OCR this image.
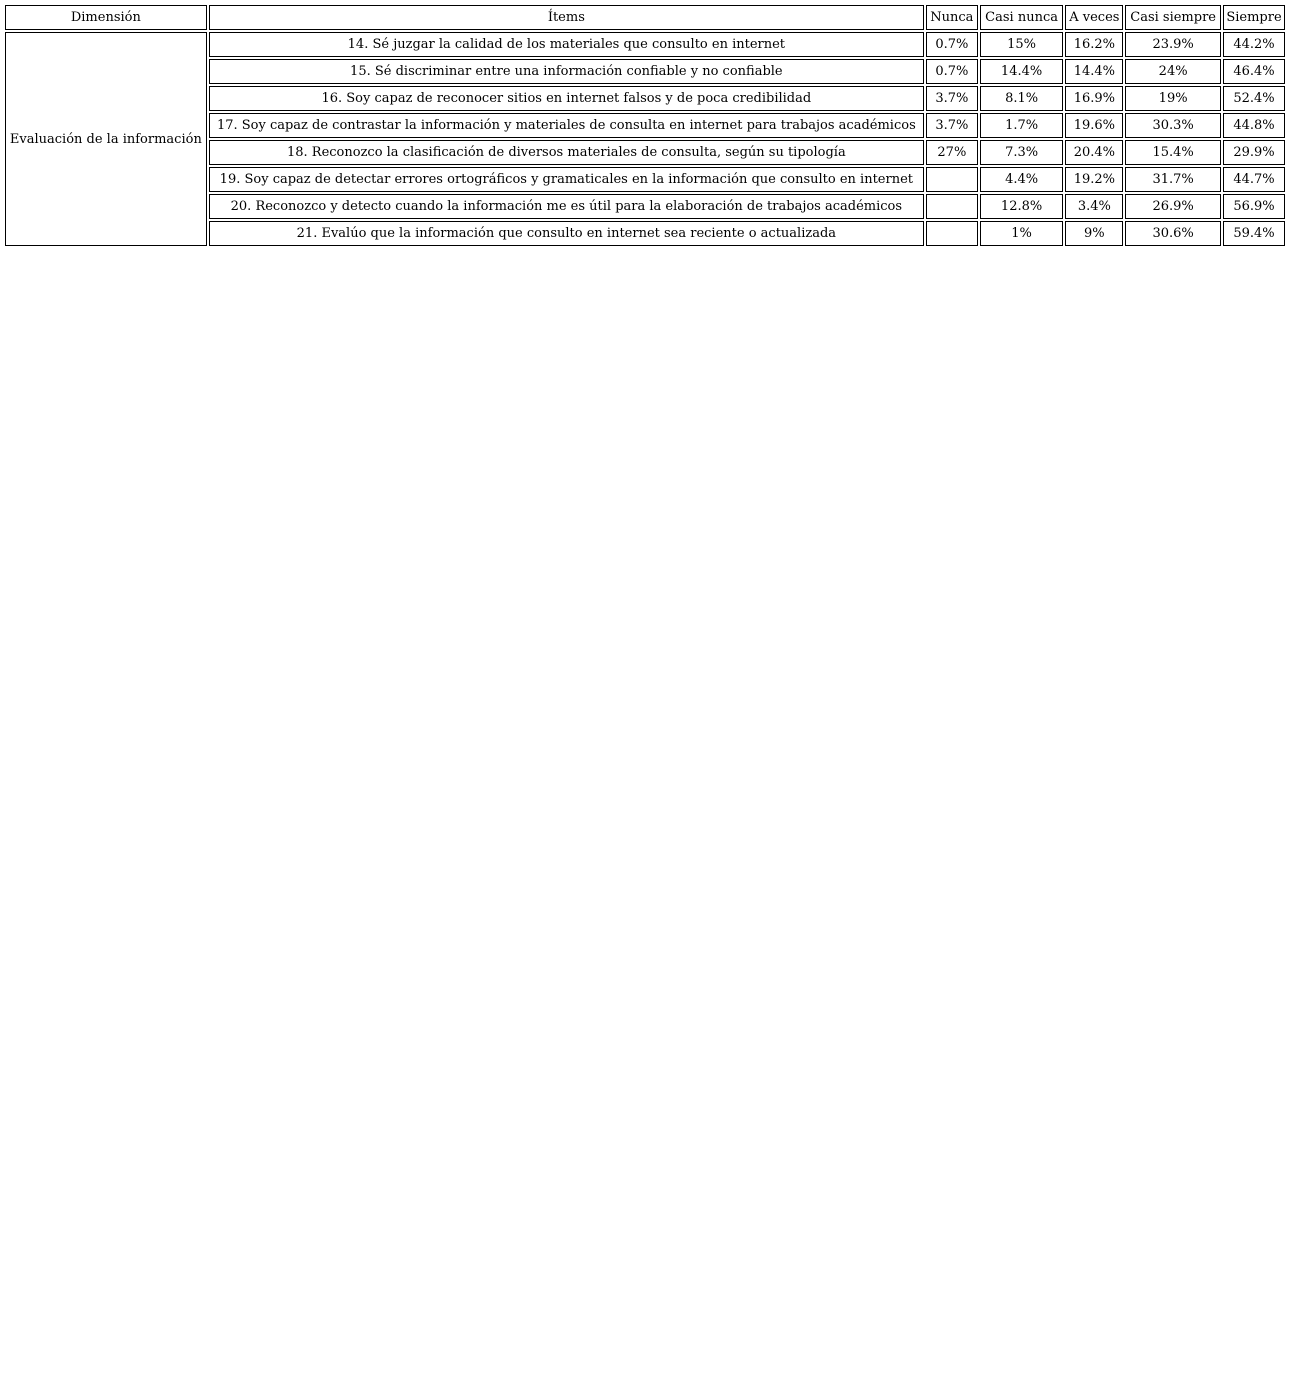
Dimensión	Ítems	Nunca	Casi nunca	A veces	Casi siempre	Siempre
Evaluación de la información	14. Sé juzgar la calidad de los materiales que consulto en internet	0.7%	15%	16.2%	23.9%	44.2%
	15. Sé discriminar entre una información confiable y no confiable	0.7%	14.4%	14.4%	24%	46.4%
	16. Soy capaz de reconocer sitios en internet falsos y de poca credibilidad	3.7%	8.1%	16.9%	19%	52.4%
	17. Soy capaz de contrastar la información y materiales de consulta en internet para trabajos académicos	3.7%	1.7%	19.6%	30.3%	44.8%
	18. Reconozco la clasificación de diversos materiales de consulta, según su tipología	27%	7.3%	20.4%	15.4%	29.9%
	19. Soy capaz de detectar errores ortográficos y gramaticales en la información que consulto en internet		4.4%	19.2%	31.7%	44.7%
	20. Reconozco y detecto cuando la información me es útil para la elaboración de trabajos académicos		12.8%	3.4%	26.9%	56.9%
	21. Evalúo que la información que consulto en internet sea reciente o actualizada		1%	9%	30.6%	59.4%
